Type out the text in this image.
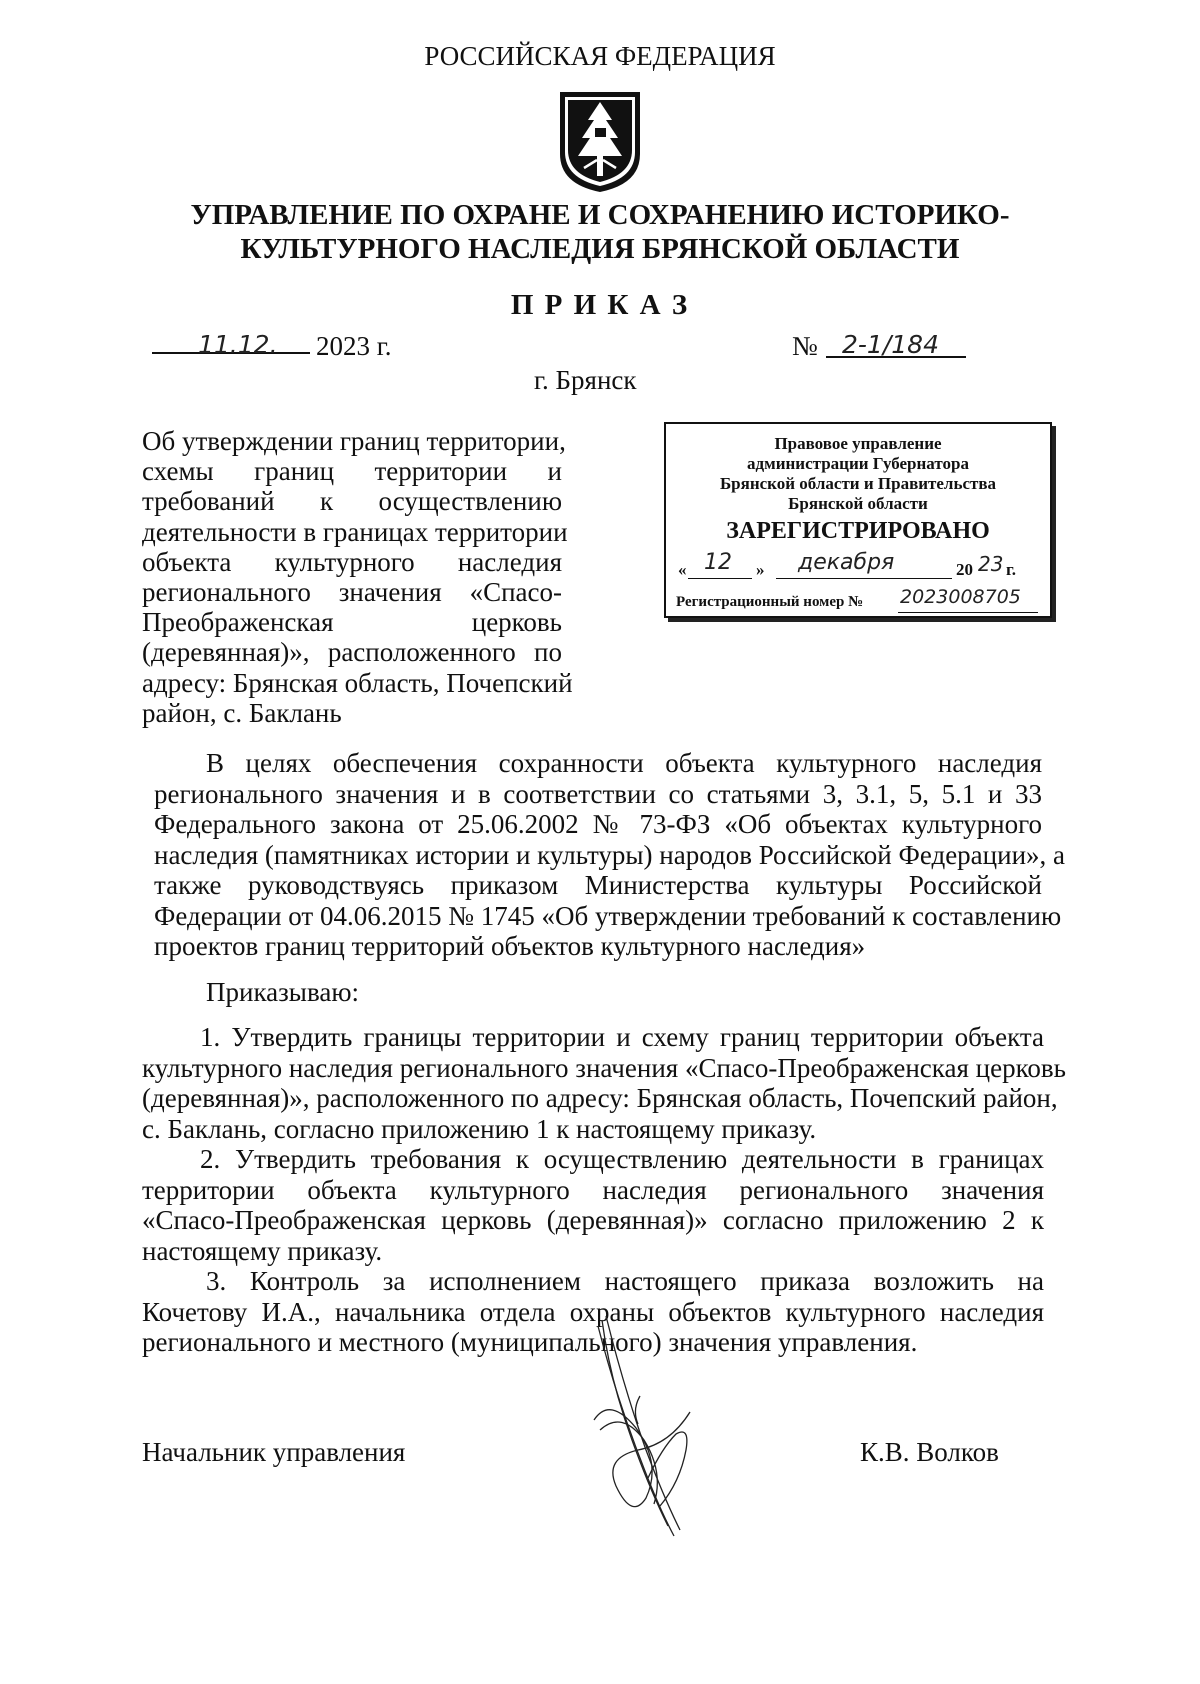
РОССИЙСКАЯ ФЕДЕРАЦИЯ
УПРАВЛЕНИЕ ПО ОХРАНЕ И СОХРАНЕНИЮ ИСТОРИКО-
КУЛЬТУРНОГО НАСЛЕДИЯ БРЯНСКОЙ ОБЛАСТИ
П Р И К А З
11.12. 2023 г.	№ 2-1/184
г. Брянск
Об утверждении границ территории,
схемы границ территории и
требований к осуществлению
деятельности в границах территории
объекта культурного наследия
регионального значения «Спасо-
Преображенская церковь
(деревянная)», расположенного по
адресу: Брянская область, Почепский
район, с. Баклань
Правовое управление
администрации Губернатора
Брянской области и Правительства
Брянской области
ЗАРЕГИСТРИРОВАНО
« 12 » декабря	20 23 г.
Регистрационный номер № 2023008705
В целях обеспечения сохранности объекта культурного наследия
регионального значения и в соответствии со статьями 3, 3.1, 5, 5.1 и 33
Федерального закона от 25.06.2002 № 73-ФЗ «Об объектах культурного
наследия (памятниках истории и культуры) народов Российской Федерации», а
также руководствуясь приказом Министерства культуры Российской
Федерации от 04.06.2015 № 1745 «Об утверждении требований к составлению
проектов границ территорий объектов культурного наследия»
Приказываю:
1. Утвердить границы территории и схему границ территории объекта
культурного наследия регионального значения «Спасо-Преображенская церковь
(деревянная)», расположенного по адресу: Брянская область, Почепский район,
с. Баклань, согласно приложению 1 к настоящему приказу.
2. Утвердить требования к осуществлению деятельности в границах
территории объекта культурного наследия регионального значения
«Спасо-Преображенская церковь (деревянная)» согласно приложению 2 к
настоящему приказу.
3. Контроль за исполнением настоящего приказа возложить на
Кочетову И.А., начальника отдела охраны объектов культурного наследия
регионального и местного (муниципального) значения управления.
Начальник управления	К.В. Волков
